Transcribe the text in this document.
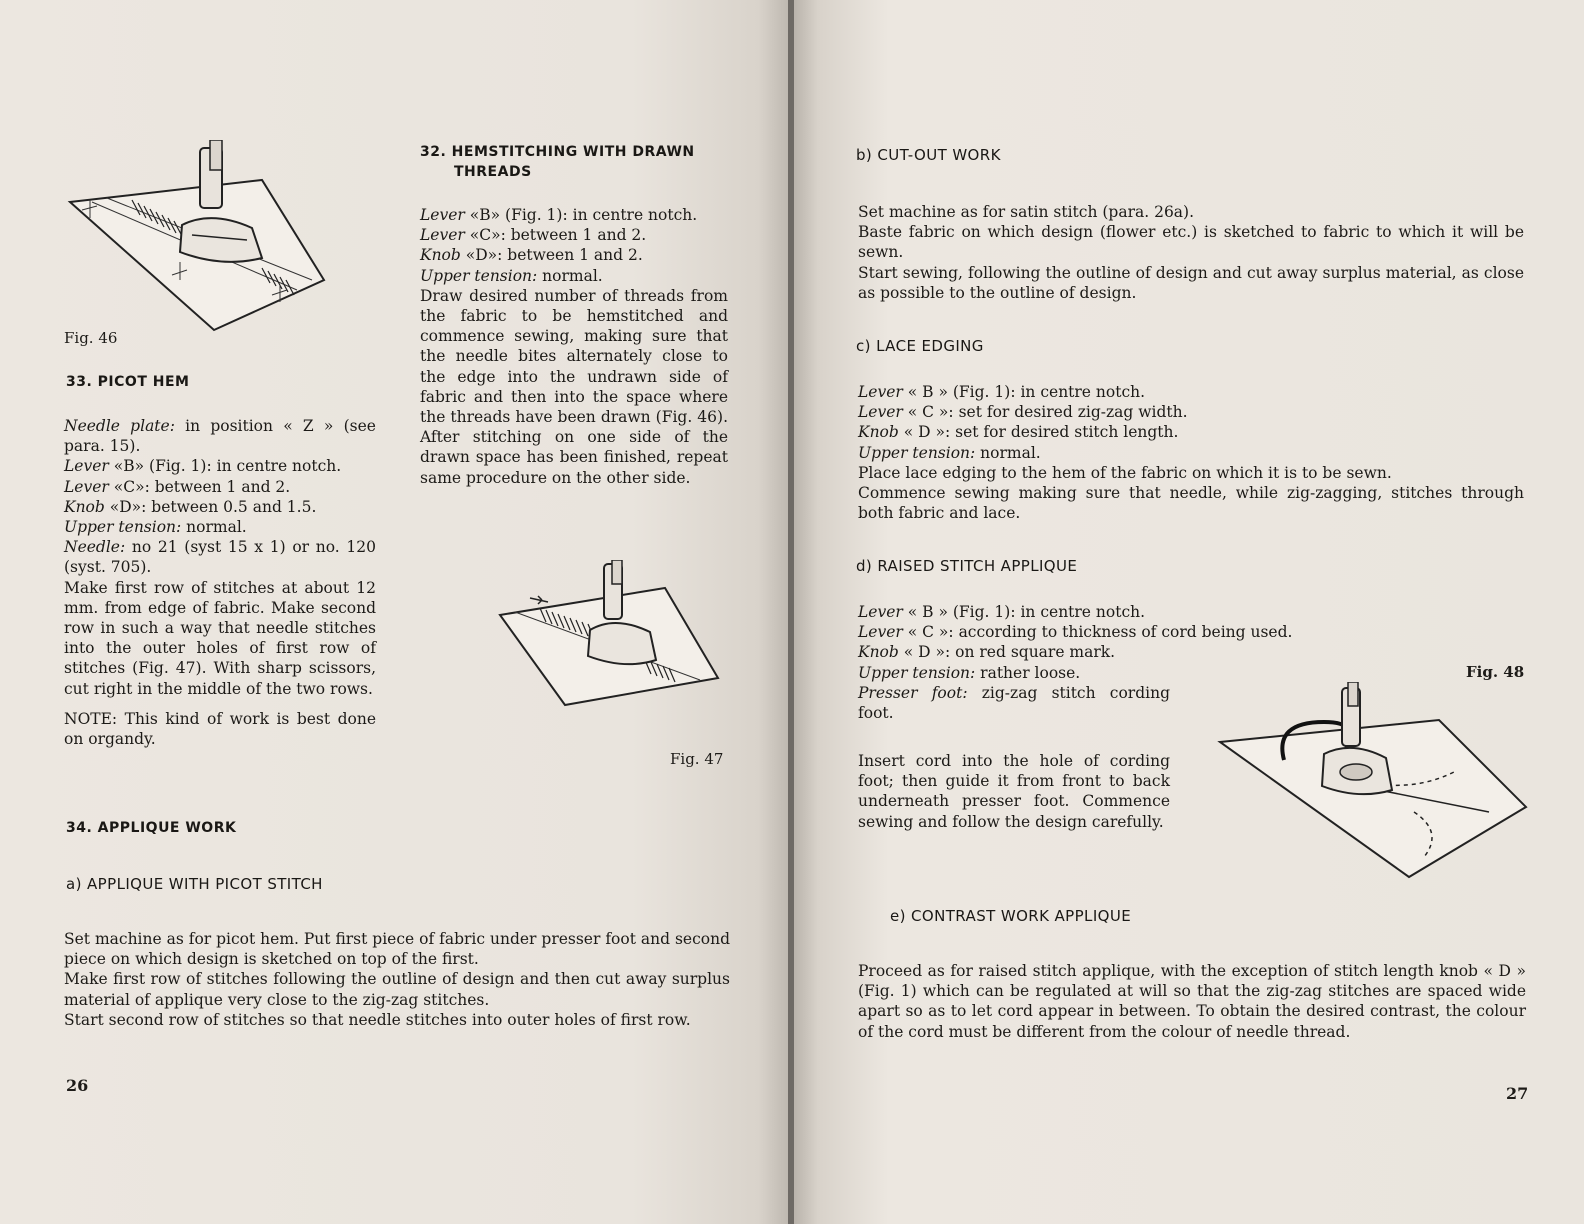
Fig. 46
33. PICOT HEM

Needle plate: in position « Z » (see para. 15).

Lever «B» (Fig. 1): in centre notch.

Lever «C»: between 1 and 2.

Knob «D»: between 0.5 and 1.5.

Upper tension: normal.

Needle: no 21 (syst 15 x 1) or no. 120 (syst. 705).

Make first row of stitches at about 12 mm. from edge of fabric. Make second row in such a way that needle stitches into the outer holes of first row of stitches (Fig. 47). With sharp scissors, cut right in the middle of the two rows.

NOTE: This kind of work is best done on organdy.

32. HEMSTITCHING WITH DRAWN
THREADS

Lever «B» (Fig. 1): in centre notch.

Lever «C»: between 1 and 2.

Knob «D»: between 1 and 2.

Upper tension: normal.

Draw desired number of threads from the fabric to be hemstitched and commence sewing, making sure that the needle bites alternately close to the edge into the undrawn side of fabric and then into the space where the threads have been drawn (Fig. 46). After stitching on one side of the drawn space has been finished, repeat same procedure on the other side.

Fig. 47
34. APPLIQUE WORK
a) APPLIQUE WITH PICOT STITCH

Set machine as for picot hem. Put first piece of fabric under presser foot and second piece on which design is sketched on top of the first.

Make first row of stitches following the outline of design and then cut away surplus material of applique very close to the zig-zag stitches.

Start second row of stitches so that needle stitches into outer holes of first row.

26
b) CUT-OUT WORK

Set machine as for satin stitch (para. 26a).

Baste fabric on which design (flower etc.) is sketched to fabric to which it will be sewn.

Start sewing, following the outline of design and cut away surplus material, as close as possible to the outline of design.

c) LACE EDGING

Lever « B » (Fig. 1): in centre notch.

Lever « C »: set for desired zig-zag width.

Knob « D »: set for desired stitch length.

Upper tension: normal.

Place lace edging to the hem of the fabric on which it is to be sewn.

Commence sewing making sure that needle, while zig-zagging, stitches through both fabric and lace.

d) RAISED STITCH APPLIQUE

Lever « B » (Fig. 1): in centre notch.

Lever « C »: according to thickness of cord being used.

Knob « D »: on red square mark.

Upper tension: rather loose.

Presser foot: zig-zag stitch cording foot.

Insert cord into the hole of cording foot; then guide it from front to back underneath presser foot. Commence sewing and follow the design carefully.

Fig. 48
e) CONTRAST WORK APPLIQUE

Proceed as for raised stitch applique, with the exception of stitch length knob « D » (Fig. 1) which can be regulated at will so that the zig-zag stitches are spaced wide apart so as to let cord appear in between. To obtain the desired contrast, the colour of the cord must be different from the colour of needle thread.

27
